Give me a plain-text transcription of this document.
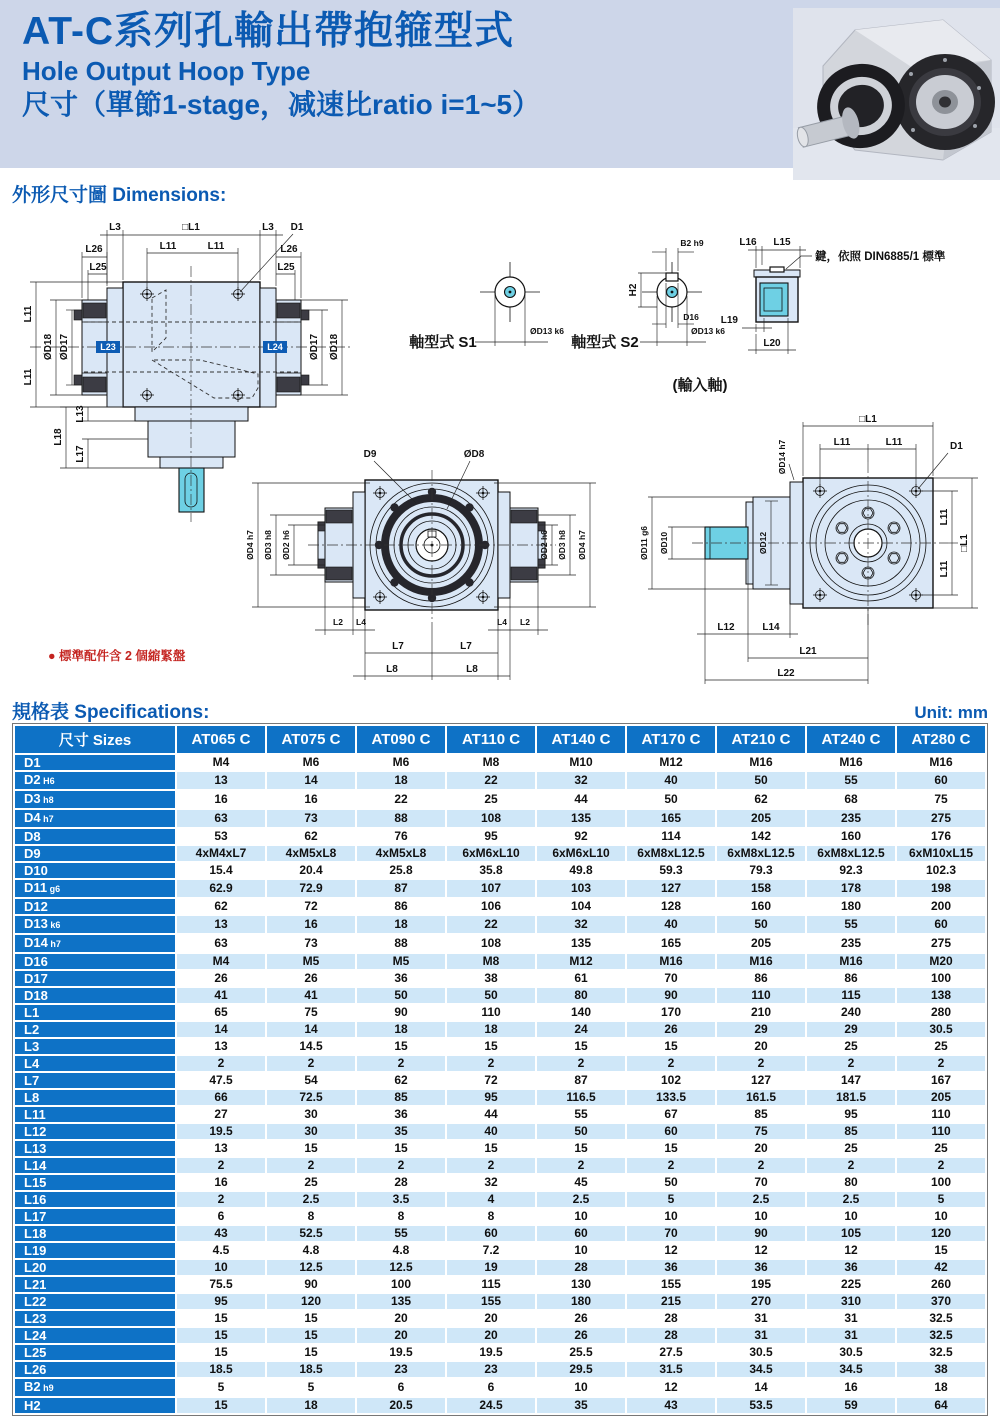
AT-C系列孔輸出帶抱箍型式
Hole Output Hoop Type
尺寸（單節1-stage，减速比ratio i=1~5）
外形尺寸圖 Dimensions:
L23	L24
L3	□L1	L3 D1
L11	L11
L26
L25
L26
L25
L11
L11
ØD18 ØD17	ØD17 ØD18
L13
L18
L17
軸型式 S1
ØD13 k6
B2 h9
H2
D16
軸型式 S2
ØD13 k6
(輸入軸)
L16 L15
鍵，依照 DIN6885/1 標準
L19
L20
D9	ØD8
ØD4 h7 ØD3 h8 ØD2 h6	ØD2 h6 ØD3 h8 ØD4 h7
L2 L4	L4 L2
L7	L7
L8	L8
□L1
L11	L11	D1
ØD14 h7
ØD12
ØD11 g6 ØD10
L11
L11
□L1
L12	L14
L21
L22
● 標準配件含 2 個縮緊盤
規格表 Specifications:	Unit: mm
尺寸 Sizes	AT065 C	AT075 C	AT090 C	AT110 C	AT140 C	AT170 C	AT210 C	AT240 C	AT280 C
D1	M4	M6	M6	M8	M10	M12	M16	M16	M16
D2 H6	13	14	18	22	32	40	50	55	60
D3 h8	16	16	22	25	44	50	62	68	75
D4 h7	63	73	88	108	135	165	205	235	275
D8	53	62	76	95	92	114	142	160	176
D9	4xM4xL7	4xM5xL8	4xM5xL8	6xM6xL10	6xM6xL10	6xM8xL12.5	6xM8xL12.5	6xM8xL12.5	6xM10xL15
D10	15.4	20.4	25.8	35.8	49.8	59.3	79.3	92.3	102.3
D11 g6	62.9	72.9	87	107	103	127	158	178	198
D12	62	72	86	106	104	128	160	180	200
D13 k6	13	16	18	22	32	40	50	55	60
D14 h7	63	73	88	108	135	165	205	235	275
D16	M4	M5	M5	M8	M12	M16	M16	M16	M20
D17	26	26	36	38	61	70	86	86	100
D18	41	41	50	50	80	90	110	115	138
L1	65	75	90	110	140	170	210	240	280
L2	14	14	18	18	24	26	29	29	30.5
L3	13	14.5	15	15	15	15	20	25	25
L4	2	2	2	2	2	2	2	2	2
L7	47.5	54	62	72	87	102	127	147	167
L8	66	72.5	85	95	116.5	133.5	161.5	181.5	205
L11	27	30	36	44	55	67	85	95	110
L12	19.5	30	35	40	50	60	75	85	110
L13	13	15	15	15	15	15	20	25	25
L14	2	2	2	2	2	2	2	2	2
L15	16	25	28	32	45	50	70	80	100
L16	2	2.5	3.5	4	2.5	5	2.5	2.5	5
L17	6	8	8	8	10	10	10	10	10
L18	43	52.5	55	60	60	70	90	105	120
L19	4.5	4.8	4.8	7.2	10	12	12	12	15
L20	10	12.5	12.5	19	28	36	36	36	42
L21	75.5	90	100	115	130	155	195	225	260
L22	95	120	135	155	180	215	270	310	370
L23	15	15	20	20	26	28	31	31	32.5
L24	15	15	20	20	26	28	31	31	32.5
L25	15	15	19.5	19.5	25.5	27.5	30.5	30.5	32.5
L26	18.5	18.5	23	23	29.5	31.5	34.5	34.5	38
B2 h9	5	5	6	6	10	12	14	16	18
H2	15	18	20.5	24.5	35	43	53.5	59	64
